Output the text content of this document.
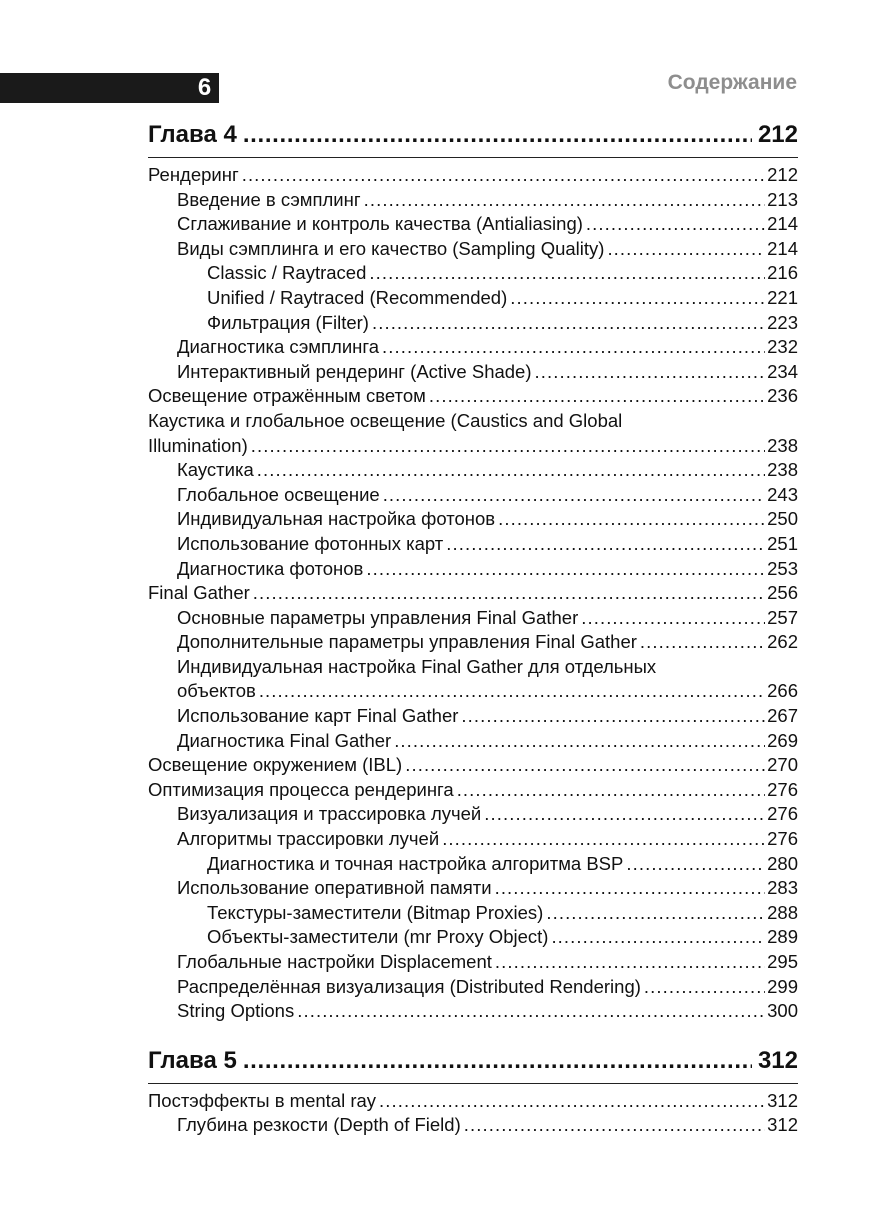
6	Содержание
Глава 4 . . .	212
Рендеринг .....	212
Введение в сэмплинг .....	213
Сглаживание и контроль качества (Antialiasing) .....	214
Виды сэмплинга и его качество (Sampling Quality) .....	214
Classic / Raytraced .....	216
Unified / Raytraced (Recommended) .....	221
Фильтрация (Filter) .....	223
Диагностика сэмплинга .....	232
Интерактивный рендеринг (Active Shade) .....	234
Освещение отражённым светом .....	236
Каустика и глобальное освещение (Caustics and Global
Illumination) .....	238
Каустика .....	238
Глобальное освещение .....	243
Индивидуальная настройка фотонов .....	250
Использование фотонных карт .....	251
Диагностика фотонов .....	253
Final Gather .....	256
Основные параметры управления Final Gather .....	257
Дополнительные параметры управления Final Gather .....	262
Индивидуальная настройка Final Gather для отдельных
объектов .....	266
Использование карт Final Gather .....	267
Диагностика Final Gather .....	269
Освещение окружением (IBL) .....	270
Оптимизация процесса рендеринга .....	276
Визуализация и трассировка лучей .....	276
Алгоритмы трассировки лучей .....	276
Диагностика и точная настройка алгоритма BSP .....	280
Использование оперативной памяти .....	283
Текстуры-заместители (Bitmap Proxies) .....	288
Объекты-заместители (mr Proxy Object) .....	289
Глобальные настройки Displacement .....	295
Распределённая визуализация (Distributed Rendering) .....	299
String Options .....	300
Глава 5 . . .	312
Постэффекты в mental ray .....	312
Глубина резкости (Depth of Field) .....	312
